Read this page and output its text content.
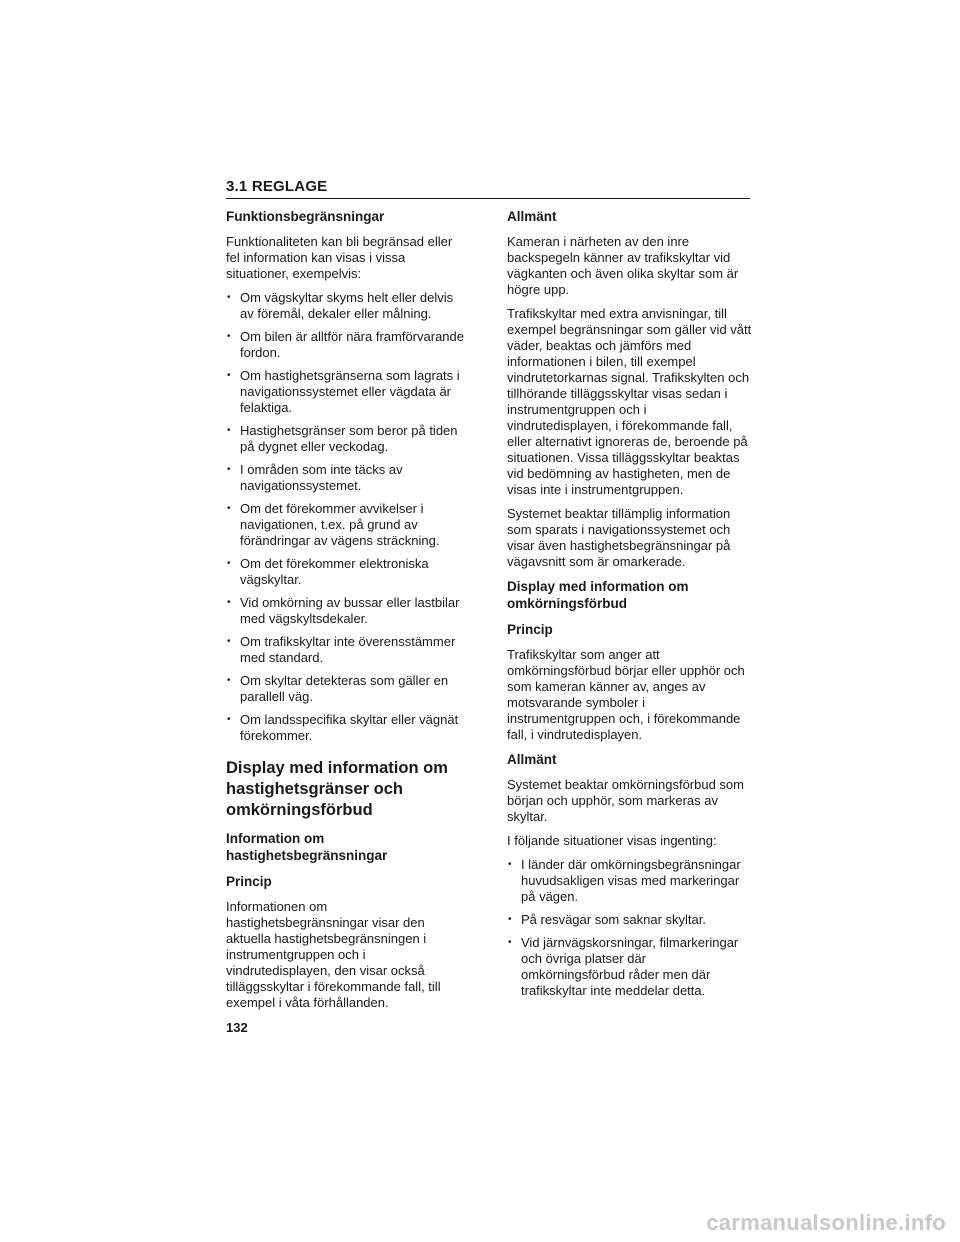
3.1 REGLAGE
Funktionsbegränsningar

Funktionaliteten kan bli begränsad eller fel information kan visas i vissa situationer, exempelvis:

• Om vägskyltar skyms helt eller delvis av föremål, dekaler eller målning.
• Om bilen är alltför nära framförvarande fordon.
• Om hastighetsgränserna som lagrats i navigationssystemet eller vägdata är felaktiga.
• Hastighetsgränser som beror på tiden på dygnet eller veckodag.
• I områden som inte täcks av navigationssystemet.
• Om det förekommer avvikelser i navigationen, t.ex. på grund av förändringar av vägens sträckning.
• Om det förekommer elektroniska vägskyltar.
• Vid omkörning av bussar eller lastbilar med vägskyltsdekaler.
• Om trafikskyltar inte överensstämmer med standard.
• Om skyltar detekteras som gäller en parallell väg.
• Om landsspecifika skyltar eller vägnät förekommer.
Display med information om hastighetsgränser och omkörningsförbud
Information om hastighetsbegränsningar
Princip

Informationen om hastighetsbegränsningar visar den aktuella hastighetsbegränsningen i instrumentgruppen och i vindrutedisplayen, den visar också tilläggsskyltar i förekommande fall, till exempel i våta förhållanden.

Allmänt

Kameran i närheten av den inre backspegeln känner av trafikskyltar vid vägkanten och även olika skyltar som är högre upp.

Trafikskyltar med extra anvisningar, till exempel begränsningar som gäller vid vått väder, beaktas och jämförs med informationen i bilen, till exempel vindrutetorkarnas signal. Trafikskylten och tillhörande tilläggsskyltar visas sedan i instrumentgruppen och i vindrutedisplayen, i förekommande fall, eller alternativt ignoreras de, beroende på situationen. Vissa tilläggsskyltar beaktas vid bedömning av hastigheten, men de visas inte i instrumentgruppen.

Systemet beaktar tillämplig information som sparats i navigationssystemet och visar även hastighetsbegränsningar på vägavsnitt som är omarkerade.

Display med information om omkörningsförbud
Princip

Trafikskyltar som anger att omkörningsförbud börjar eller upphör och som kameran känner av, anges av motsvarande symboler i instrumentgruppen och, i förekommande fall, i vindrutedisplayen.

Allmänt

Systemet beaktar omkörningsförbud som början och upphör, som markeras av skyltar.

I följande situationer visas ingenting:

• I länder där omkörningsbegränsningar huvudsakligen visas med markeringar på vägen.
• På resvägar som saknar skyltar.
• Vid järnvägskorsningar, filmarkeringar och övriga platser där omkörningsförbud råder men där trafikskyltar inte meddelar detta.
132
carmanualsonline.info
